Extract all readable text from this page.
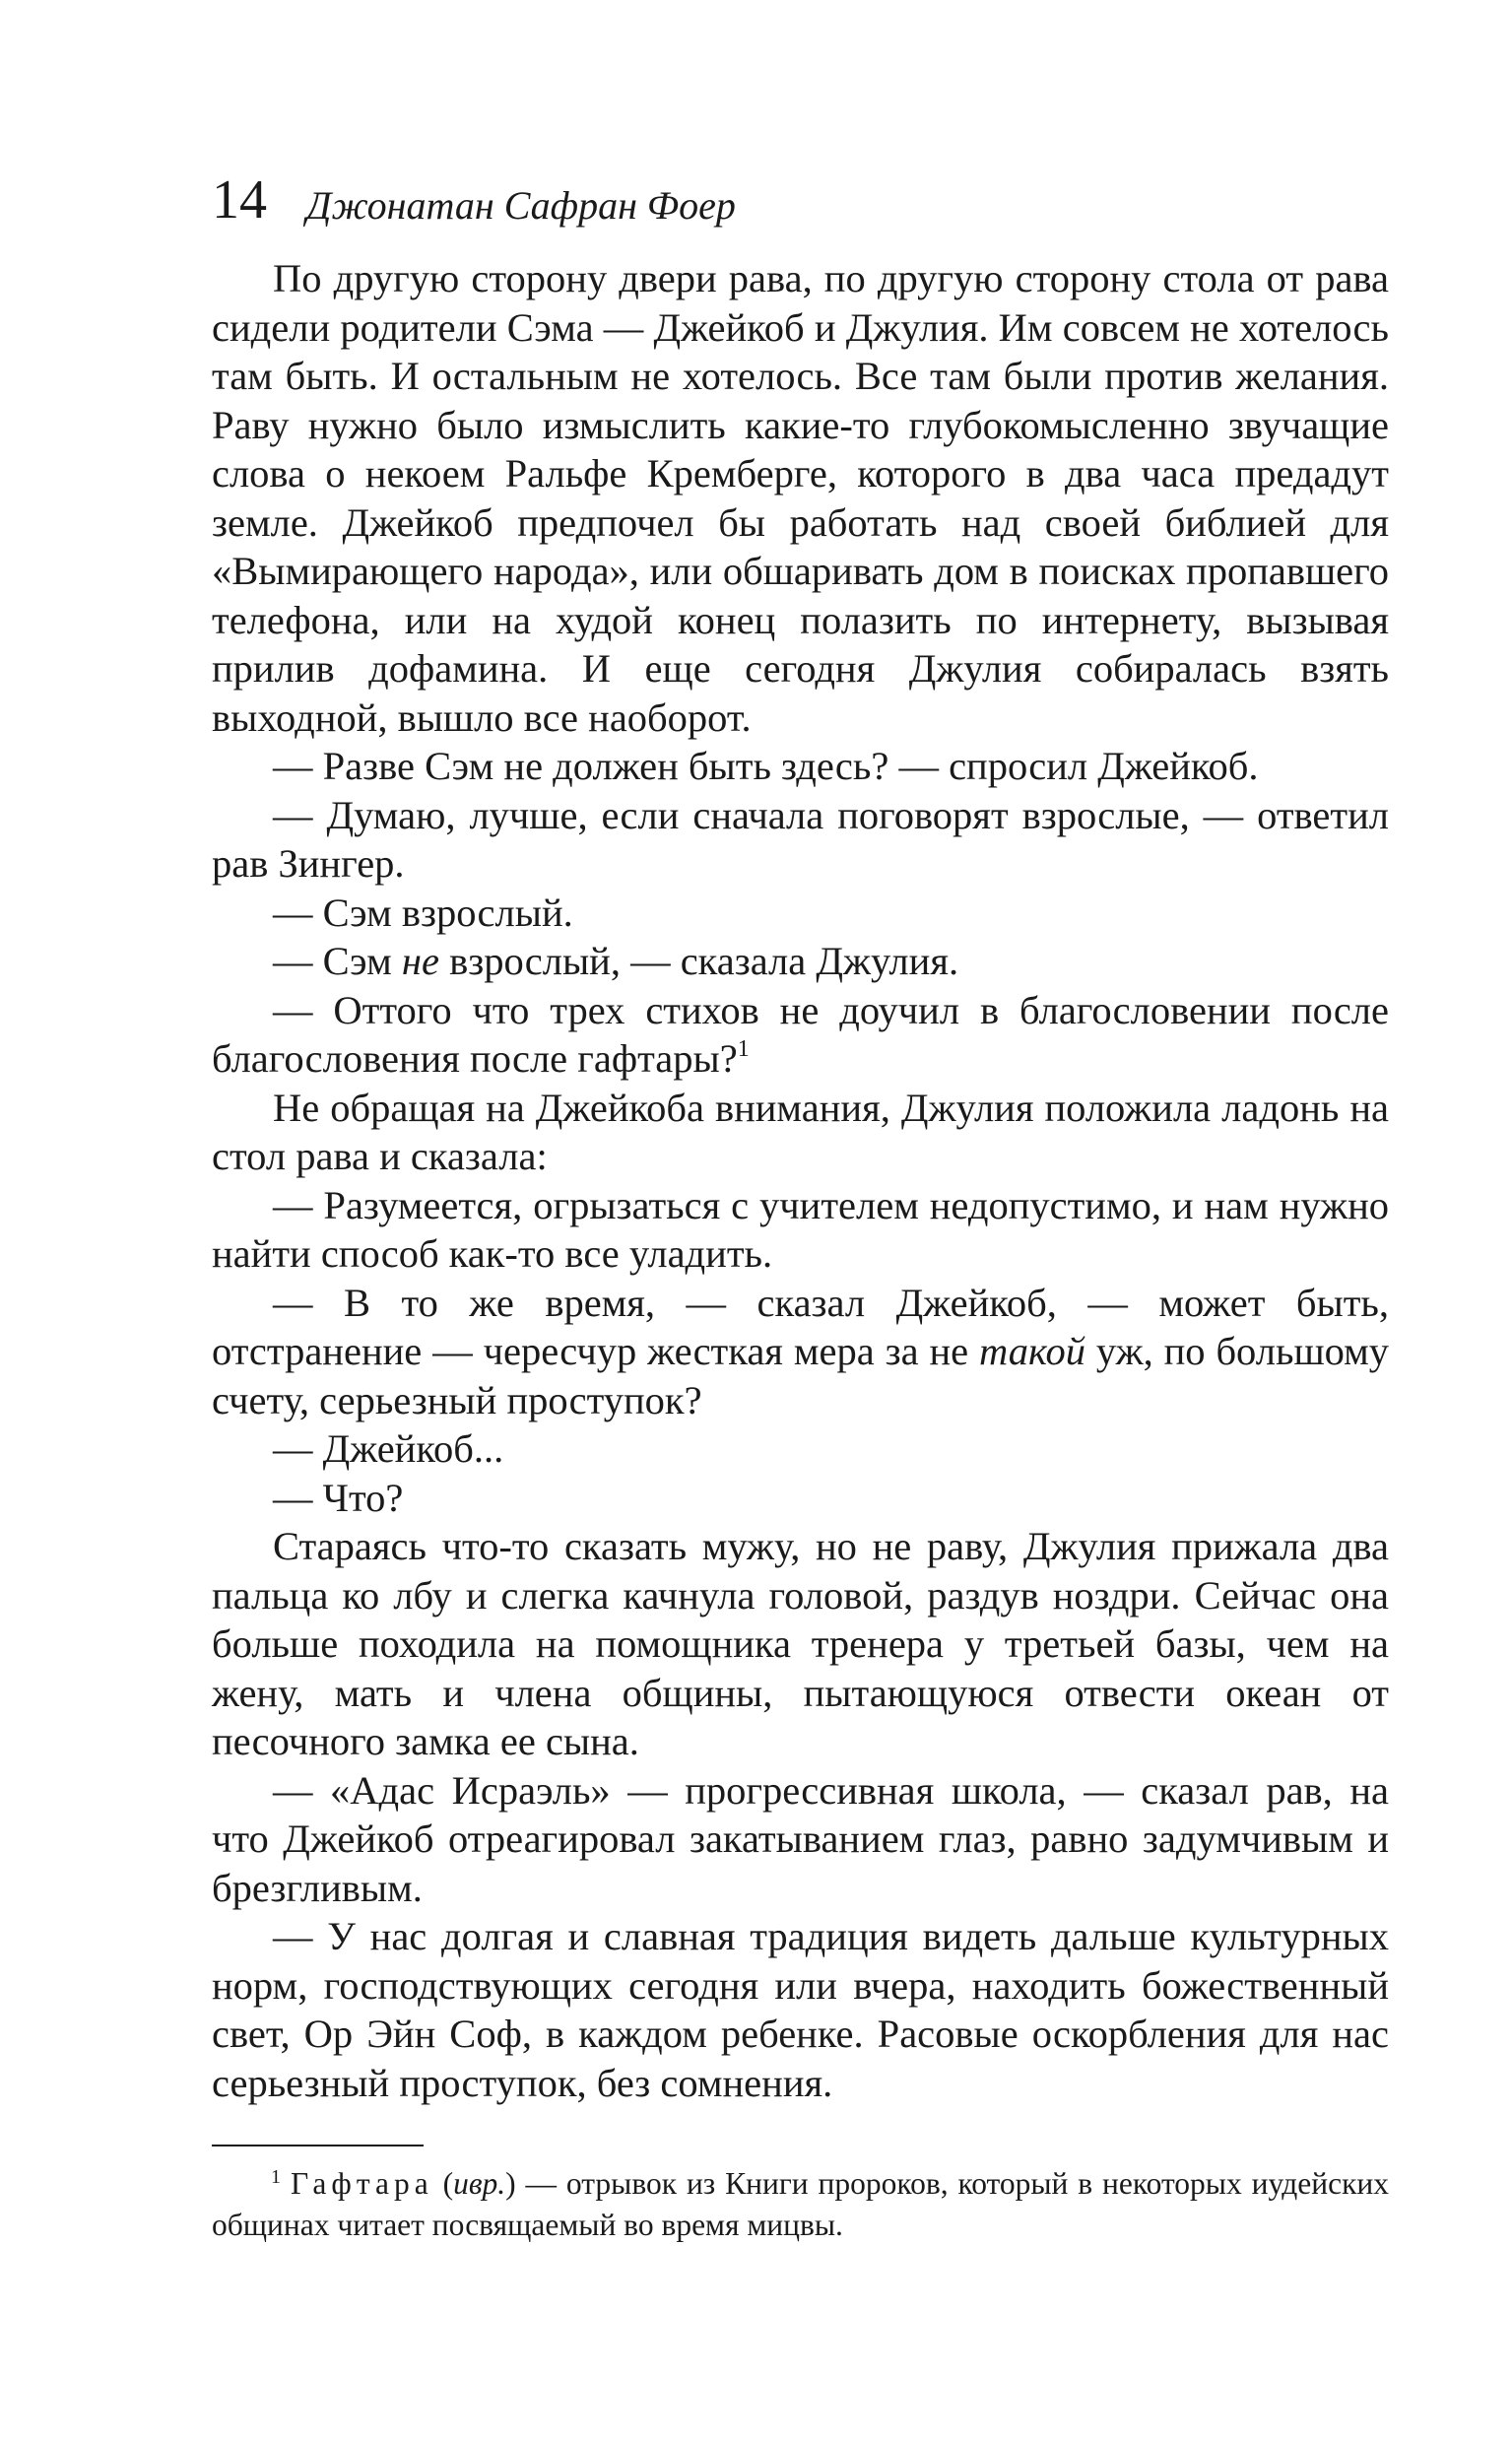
14 Джонатан Сафран Фоер

По другую сторону двери рава, по другую сторону стола от рава сидели родители Сэма — Джейкоб и Джулия. Им совсем не хотелось там быть. И остальным не хотелось. Все там были против желания. Раву нужно было измыслить какие-то глубокомысленно звучащие слова о некоем Ральфе Кремберге, которого в два часа предадут земле. Джейкоб предпочел бы работать над своей библией для «Вымирающего народа», или обшаривать дом в поисках пропавшего телефона, или на худой конец полазить по интернету, вызывая прилив дофамина. И еще сегодня Джулия собиралась взять выходной, вышло все наоборот.

— Разве Сэм не должен быть здесь? — спросил Джейкоб.

— Думаю, лучше, если сначала поговорят взрослые, — ответил рав Зингер.

— Сэм взрослый.

— Сэм не взрослый, — сказала Джулия.

— Оттого что трех стихов не доучил в благословении после благословения после гафтары?$^1$

Не обращая на Джейкоба внимания, Джулия положила ладонь на стол рава и сказала:

— Разумеется, огрызаться с учителем недопустимо, и нам нужно найти способ как-то все уладить.

— В то же время, — сказал Джейкоб, — может быть, отстранение — чересчур жесткая мера за не такой уж, по большому счету, серьезный проступок?

— Джейкоб...

— Что?

Стараясь что-то сказать мужу, но не раву, Джулия прижала два пальца ко лбу и слегка качнула головой, раздув ноздри. Сейчас она больше походила на помощника тренера у третьей базы, чем на жену, мать и члена общины, пытающуюся отвести океан от песочного замка ее сына.

— «Адас Исраэль» — прогрессивная школа, — сказал рав, на что Джейкоб отреагировал закатыванием глаз, равно задумчивым и брезгливым.

— У нас долгая и славная традиция видеть дальше культурных норм, господствующих сегодня или вчера, находить божественный свет, Ор Эйн Соф, в каждом ребенке. Расовые оскорбления для нас серьезный проступок, без сомнения.

$^1$ Гафтара (ивр.) — отрывок из Книги пророков, который в некоторых иудейских общинах читает посвящаемый во время мицвы.
